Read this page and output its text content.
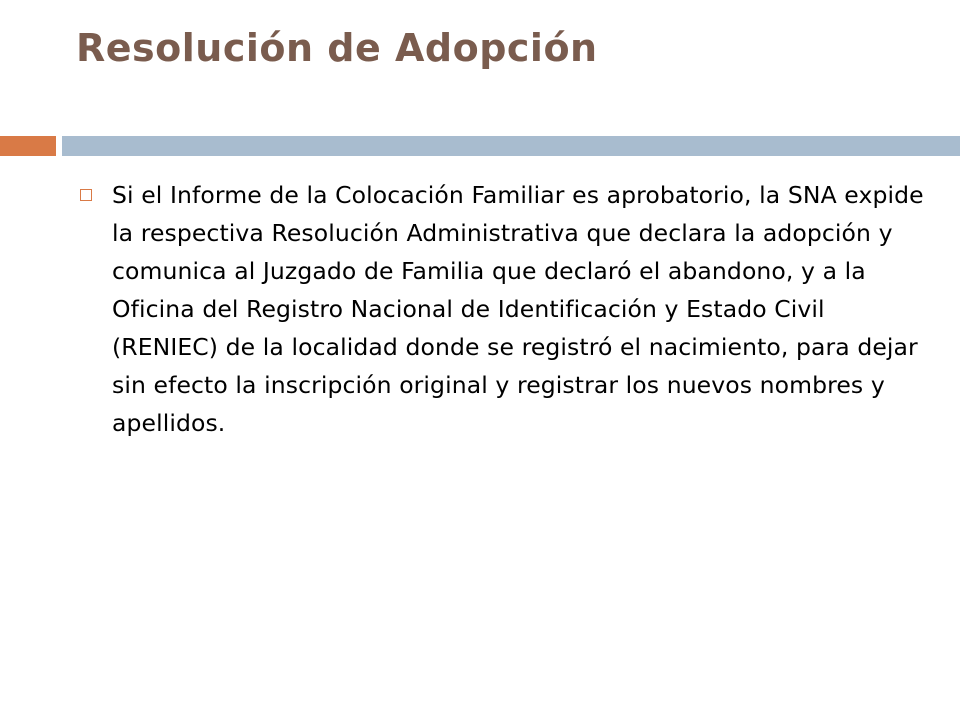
Resolución de Adopción
Si el Informe de la Colocación Familiar es aprobatorio, la SNA expide la respectiva Resolución Administrativa que declara la adopción y comunica al Juzgado de Familia que declaró el abandono, y a la Oficina del Registro Nacional de Identificación y Estado Civil (RENIEC) de la localidad donde se registró el nacimiento, para dejar sin efecto la inscripción original y registrar los nuevos nombres y apellidos.
